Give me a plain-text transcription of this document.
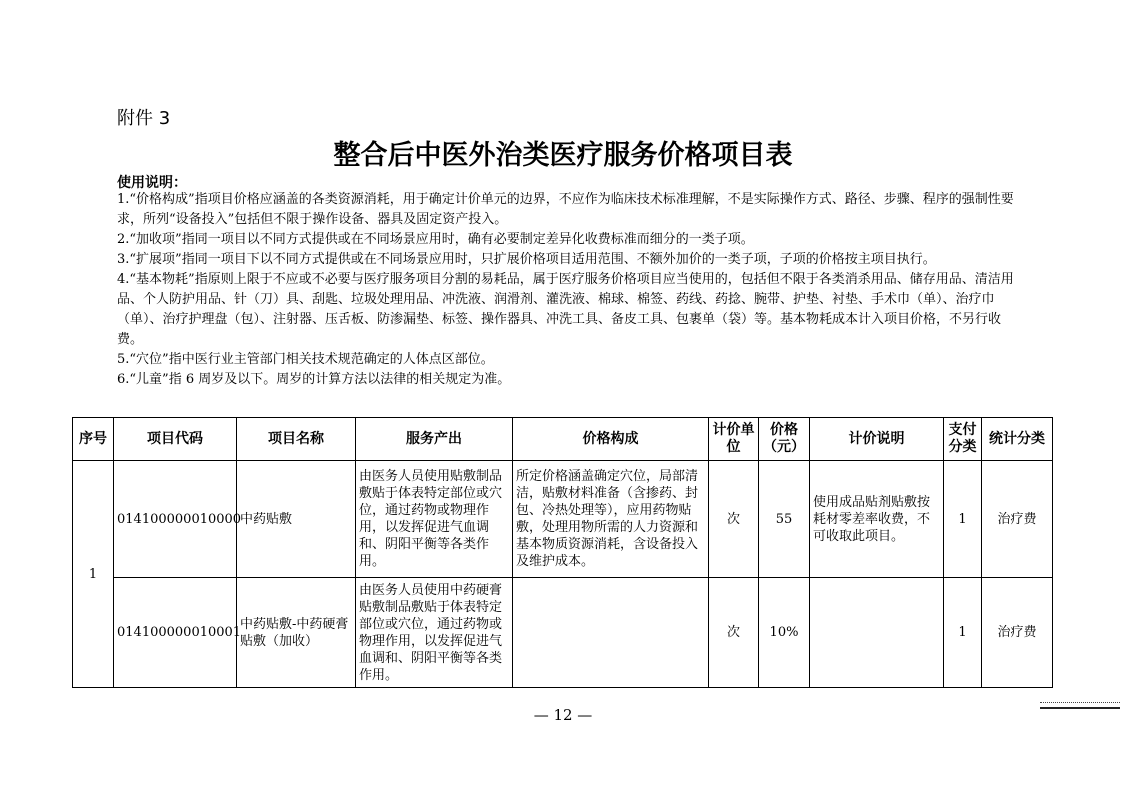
附件 3
整合后中医外治类医疗服务价格项目表
使用说明：

1.“价格构成”指项目价格应涵盖的各类资源消耗，用于确定计价单元的边界，不应作为临床技术标准理解，不是实际操作方式、路径、步骤、程序的强制性要求，所列“设备投入”包括但不限于操作设备、器具及固定资产投入。

2.“加收项”指同一项目以不同方式提供或在不同场景应用时，确有必要制定差异化收费标准而细分的一类子项。

3.“扩展项”指同一项目下以不同方式提供或在不同场景应用时，只扩展价格项目适用范围、不额外加价的一类子项，子项的价格按主项目执行。

4.“基本物耗”指原则上限于不应或不必要与医疗服务项目分割的易耗品，属于医疗服务价格项目应当使用的，包括但不限于各类消杀用品、储存用品、清洁用品、个人防护用品、针（刀）具、刮匙、垃圾处理用品、冲洗液、润滑剂、灌洗液、棉球、棉签、药线、药捻、腕带、护垫、衬垫、手术巾（单）、治疗巾（单）、治疗护理盘（包）、注射器、压舌板、防渗漏垫、标签、操作器具、冲洗工具、备皮工具、包裹单（袋）等。基本物耗成本计入项目价格，不另行收费。

5.“穴位”指中医行业主管部门相关技术规范确定的人体点区部位。

6.“儿童”指 6 周岁及以下。周岁的计算方法以法律的相关规定为准。

序号	项目代码	项目名称	服务产出	价格构成	计价单位	价格（元）	计价说明	支付分类	统计分类
1	014100000010000	中药贴敷	由医务人员使用贴敷制品敷贴于体表特定部位或穴位，通过药物或物理作用，以发挥促进气血调和、阴阳平衡等各类作用。	所定价格涵盖确定穴位，局部清洁，贴敷材料准备（含掺药、封包、冷热处理等），应用药物贴敷，处理用物所需的人力资源和基本物质资源消耗，含设备投入及维护成本。	次	55	使用成品贴剂贴敷按耗材零差率收费，不可收取此项目。	1	治疗费
	014100000010001	中药贴敷-中药硬膏贴敷（加收）	由医务人员使用中药硬膏贴敷制品敷贴于体表特定部位或穴位，通过药物或物理作用，以发挥促进气血调和、阴阳平衡等各类作用。		次	10%		1	治疗费
— 12 —
